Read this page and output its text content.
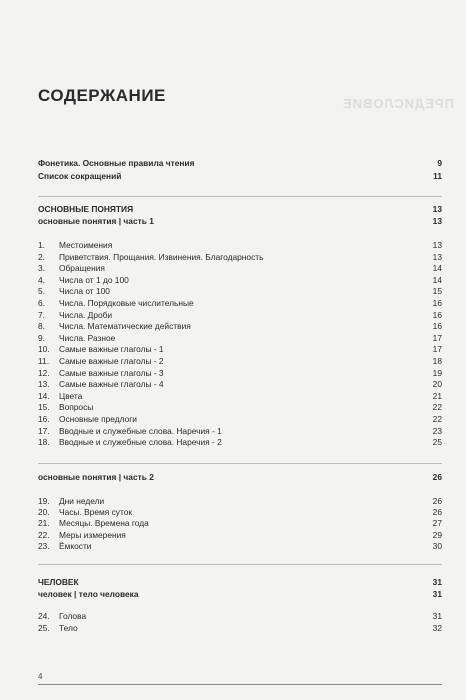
ПРЕДИСЛОВИЕ
СОДЕРЖАНИЕ
Фонетика. Основные правила чтения	9
Список сокращений	11
ОСНОВНЫЕ ПОНЯТИЯ	13
основные понятия | часть 1	13
1.	Местоимения	13
2.	Приветствия. Прощания. Извинения. Благодарность	13
3.	Обращения	14
4.	Числа от 1 до 100	14
5.	Числа от 100	15
6.	Числа. Порядковые числительные	16
7.	Числа. Дроби	16
8.	Числа. Математические действия	16
9.	Числа. Разное	17
10.	Самые важные глаголы - 1	17
11.	Самые важные глаголы - 2	18
12.	Самые важные глаголы - 3	19
13.	Самые важные глаголы - 4	20
14.	Цвета	21
15.	Вопросы	22
16.	Основные предлоги	22
17.	Вводные и служебные слова. Наречия - 1	23
18.	Вводные и служебные слова. Наречия - 2	25
основные понятия | часть 2	26
19.	Дни недели	26
20.	Часы. Время суток	26
21.	Месяцы. Времена года	27
22.	Меры измерения	29
23.	Ёмкости	30
ЧЕЛОВЕК	31
человек | тело человека	31
24.	Голова	31
25.	Тело	32
4
